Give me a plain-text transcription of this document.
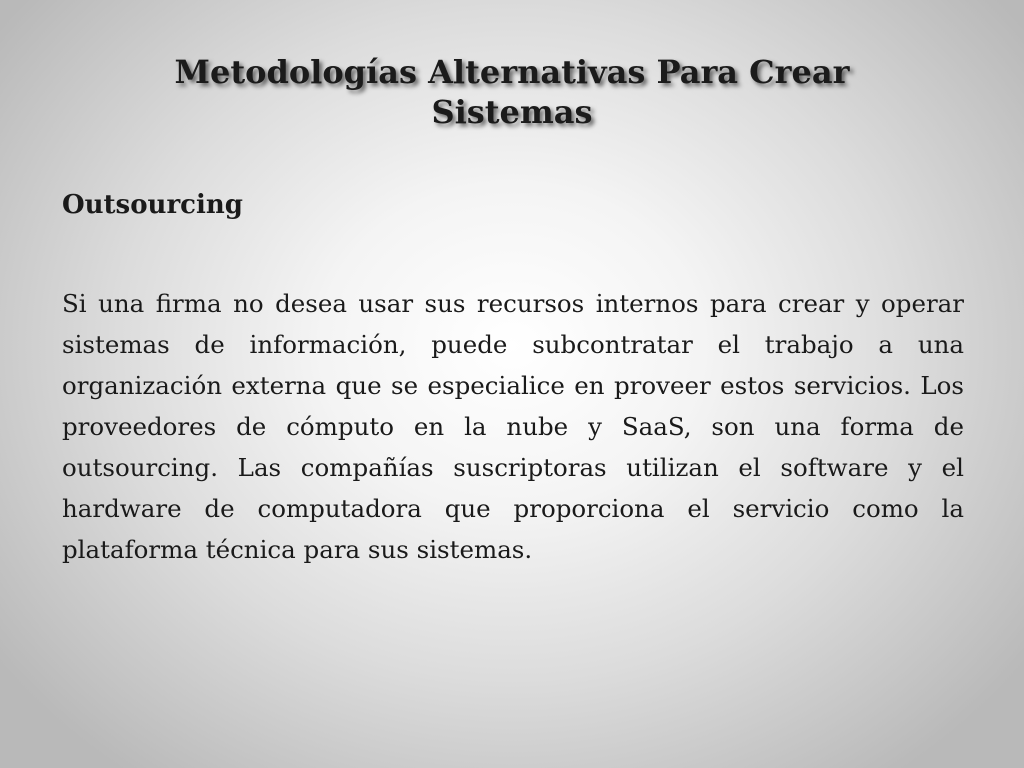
Metodologías Alternativas Para Crear Sistemas
Outsourcing

Si una firma no desea usar sus recursos internos para crear y operar sistemas de información, puede subcontratar el trabajo a una organización externa que se especialice en proveer estos servicios. Los proveedores de cómputo en la nube y SaaS, son una forma de outsourcing. Las compañías suscriptoras utilizan el software y el hardware de computadora que proporciona el servicio como la plataforma técnica para sus sistemas.
